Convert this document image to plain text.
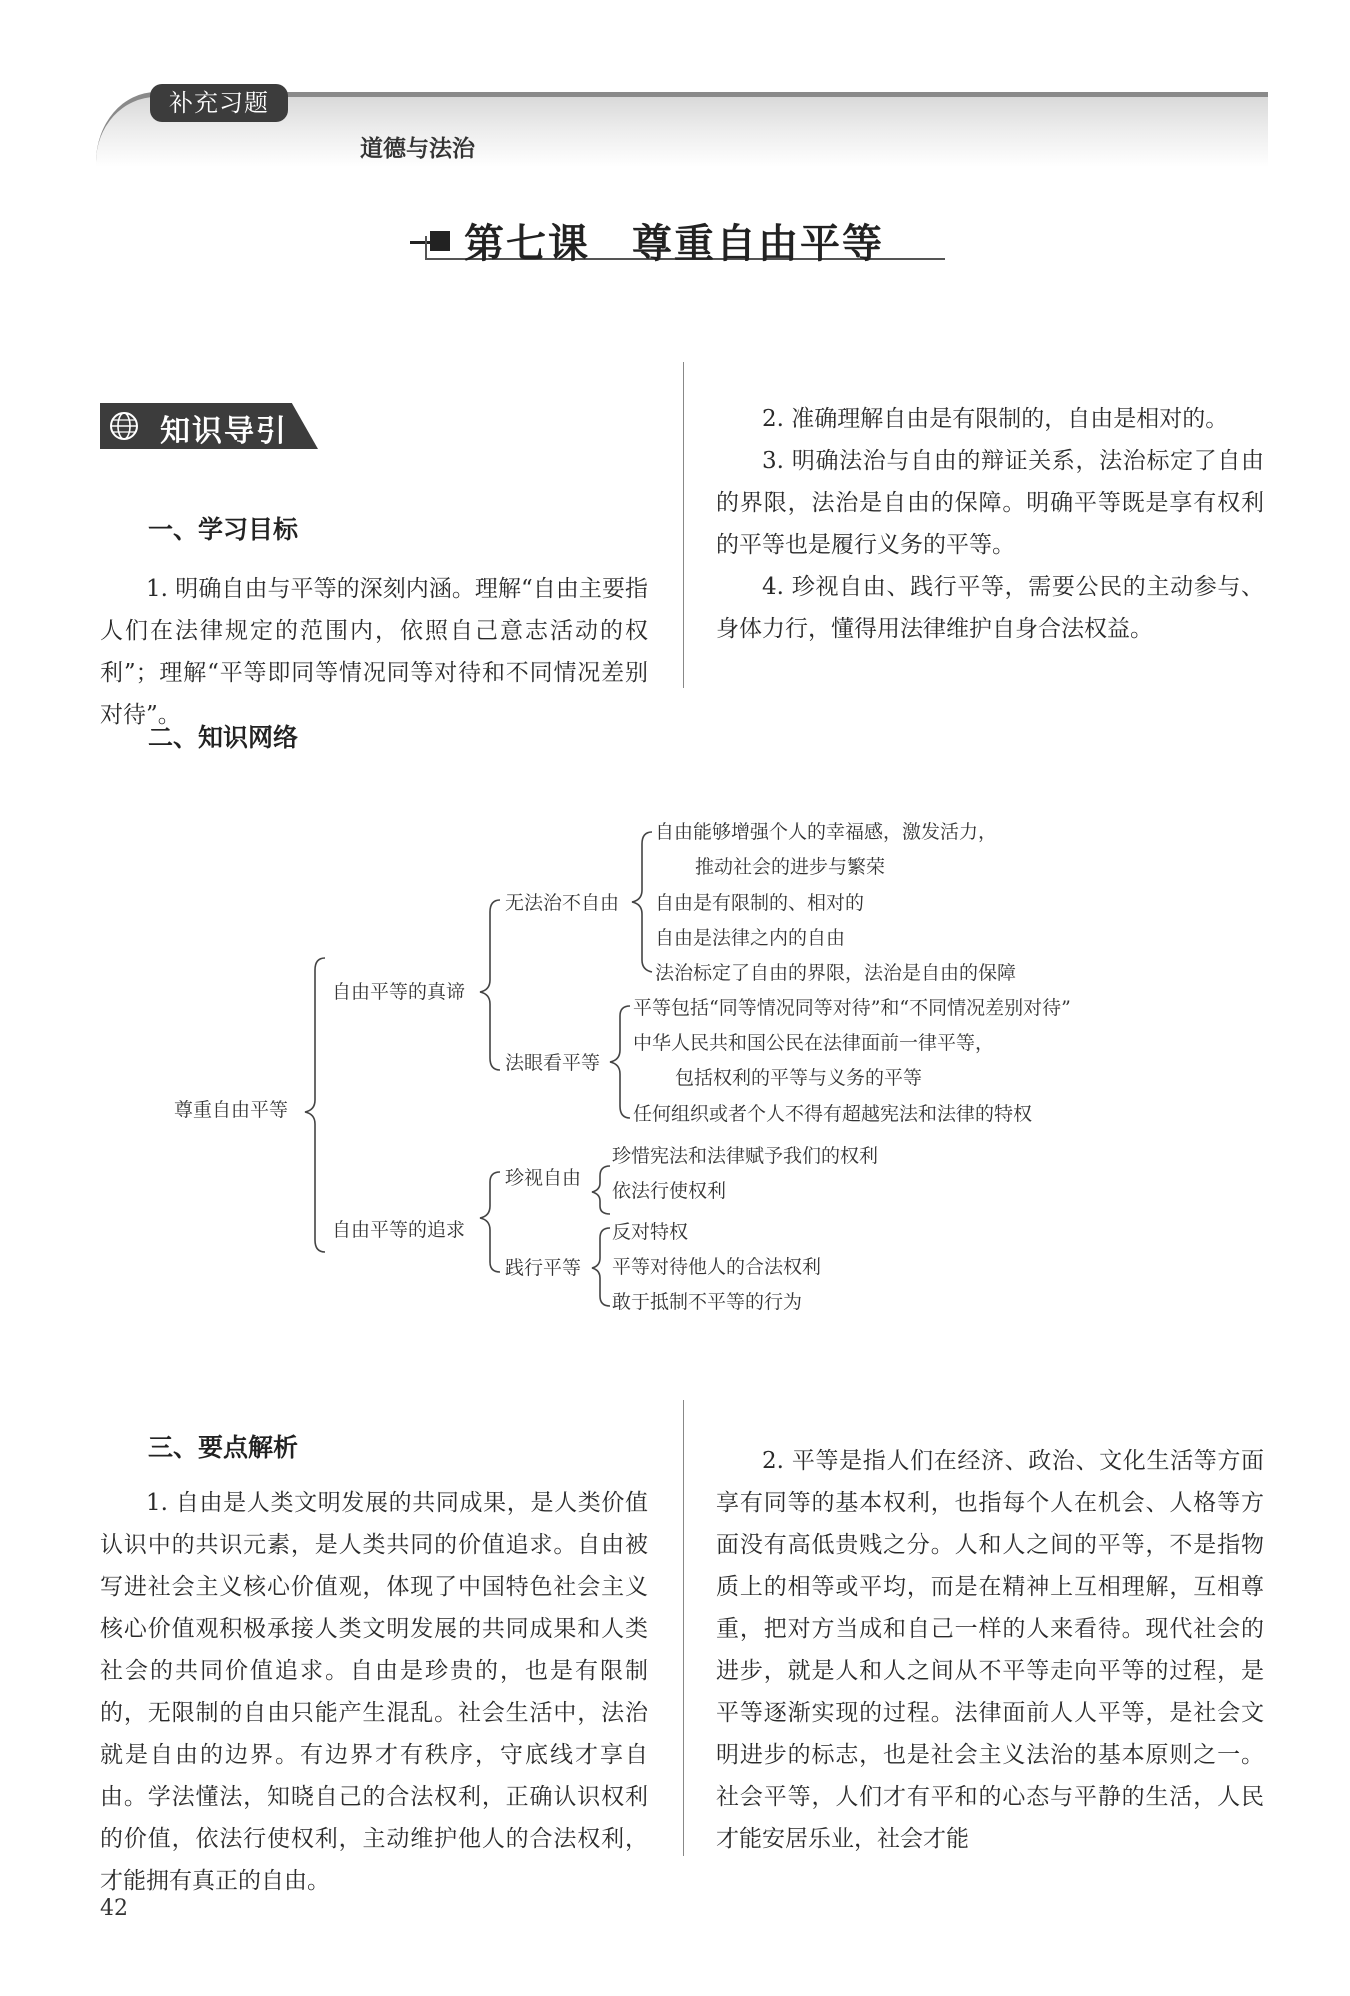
补充习题
道德与法治
第七课　尊重自由平等
知识导引
一、学习目标
1. 明确自由与平等的深刻内涵。理解“自由主要指人们在法律规定的范围内，依照自己意志活动的权利”；理解“平等即同等情况同等对待和不同情况差别对待”。
2. 准确理解自由是有限制的，自由是相对的。
3. 明确法治与自由的辩证关系，法治标定了自由的界限，法治是自由的保障。明确平等既是享有权利的平等也是履行义务的平等。
4. 珍视自由、践行平等，需要公民的主动参与、身体力行，懂得用法律维护自身合法权益。
二、知识网络
尊重自由平等
自由平等的真谛
自由平等的追求
无法治不自由
法眼看平等
珍视自由
践行平等
自由能够增强个人的幸福感，激发活力，
推动社会的进步与繁荣
自由是有限制的、相对的
自由是法律之内的自由
法治标定了自由的界限，法治是自由的保障
平等包括“同等情况同等对待”和“不同情况差别对待”
中华人民共和国公民在法律面前一律平等，
包括权利的平等与义务的平等
任何组织或者个人不得有超越宪法和法律的特权
珍惜宪法和法律赋予我们的权利
依法行使权利
反对特权
平等对待他人的合法权利
敢于抵制不平等的行为
三、要点解析
1. 自由是人类文明发展的共同成果，是人类价值认识中的共识元素，是人类共同的价值追求。自由被写进社会主义核心价值观，体现了中国特色社会主义核心价值观积极承接人类文明发展的共同成果和人类社会的共同价值追求。自由是珍贵的，也是有限制的，无限制的自由只能产生混乱。社会生活中，法治就是自由的边界。有边界才有秩序，守底线才享自由。学法懂法，知晓自己的合法权利，正确认识权利的价值，依法行使权利，主动维护他人的合法权利，才能拥有真正的自由。
2. 平等是指人们在经济、政治、文化生活等方面享有同等的基本权利，也指每个人在机会、人格等方面没有高低贵贱之分。人和人之间的平等，不是指物质上的相等或平均，而是在精神上互相理解，互相尊重，把对方当成和自己一样的人来看待。现代社会的进步，就是人和人之间从不平等走向平等的过程，是平等逐渐实现的过程。法律面前人人平等，是社会文明进步的标志，也是社会主义法治的基本原则之一。社会平等，人们才有平和的心态与平静的生活，人民才能安居乐业，社会才能
42
